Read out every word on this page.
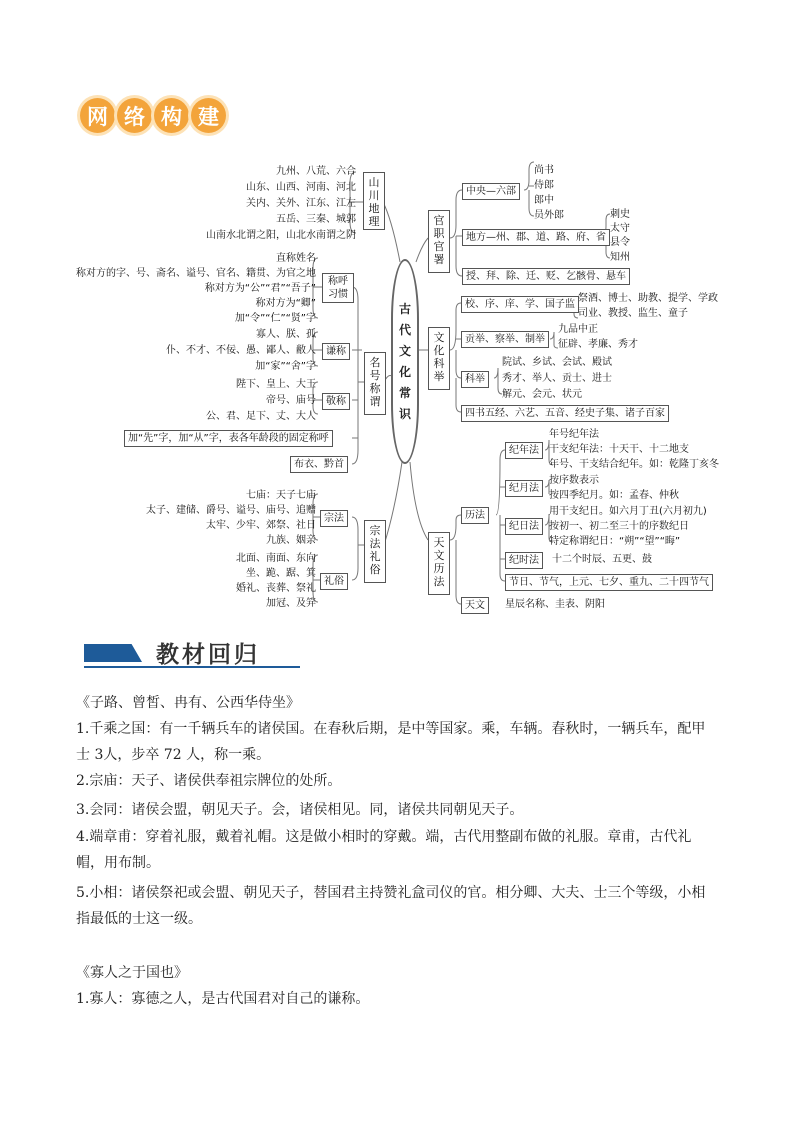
网 络 构 建
古代文化常识
九州、八荒、六合
山东、山西、河南、河北
关内、关外、江东、江左
五岳、三秦、城郭
山南水北谓之阳，山北水南谓之阴
山川地理
直称姓名
称对方的字、号、斋名、谥号、官名、籍贯、为官之地
称对方为“公”“君”“吾子”
称对方为“卿”
加“令”“仁”“贤”字
称呼习惯
寡人、朕、孤
仆、不才、不佞、愚、鄙人、敝人
加“家”“舍”字
谦称
名号称谓
陛下、皇上、大王
帝号、庙号
公、君、足下、丈、大人
敬称
加“先”字，加“从”字，表各年龄段的固定称呼
布衣、黔首
七庙：天子七庙
太子、建储、爵号、谥号、庙号、追赠
太牢、少牢、郊祭、社日
九族、姻亲
宗法
宗法礼俗
北面、南面、东向
坐、跪、踞、箕
婚礼、丧葬、祭礼
加冠、及笄
礼俗
官职官署
中央—六部
尚书
侍郎
郎中
员外郎
地方—州、郡、道、路、府、省
刺史
太守
县令
知州
授、拜、除、迁、贬、乞骸骨、悬车
文化科举
校、序、庠、学、国子监
祭酒、博士、助教、提学、学政
司业、教授、监生、童子
贡举、察举、制举
九品中正
征辟、孝廉、秀才
科举
院试、乡试、会试、殿试
秀才、举人、贡士、进士
解元、会元、状元
四书五经、六艺、五音、经史子集、诸子百家
天文历法
历法
纪年法
年号纪年法
干支纪年法：十天干、十二地支
年号、干支结合纪年。如：乾隆丁亥冬
纪月法
按序数表示
按四季纪月。如：孟春、仲秋
纪日法
用干支纪日。如六月丁丑(六月初九)
按初一、初二至三十的序数纪日
特定称谓纪日：“朔”“望”“晦”
纪时法	十二个时辰、五更、鼓
节日、节气，上元、七夕、重九、二十四节气
天文	星辰名称、圭表、阴阳
教材回归
《子路、曾皙、冉有、公西华侍坐》
1.千乘之国：有一千辆兵车的诸侯国。在春秋后期，是中等国家。乘，车辆。春秋时，一辆兵车，配甲士 3人，步卒 72 人，称一乘。
2.宗庙：天子、诸侯供奉祖宗牌位的处所。
3.会同：诸侯会盟，朝见天子。会，诸侯相见。同，诸侯共同朝见天子。
4.端章甫：穿着礼服，戴着礼帽。这是做小相时的穿戴。端，古代用整副布做的礼服。章甫，古代礼帽，用布制。
5.小相：诸侯祭祀或会盟、朝见天子，替国君主持赞礼盒司仪的官。相分卿、大夫、士三个等级，小相指最低的士这一级。
《寡人之于国也》
1.寡人：寡德之人，是古代国君对自己的谦称。
